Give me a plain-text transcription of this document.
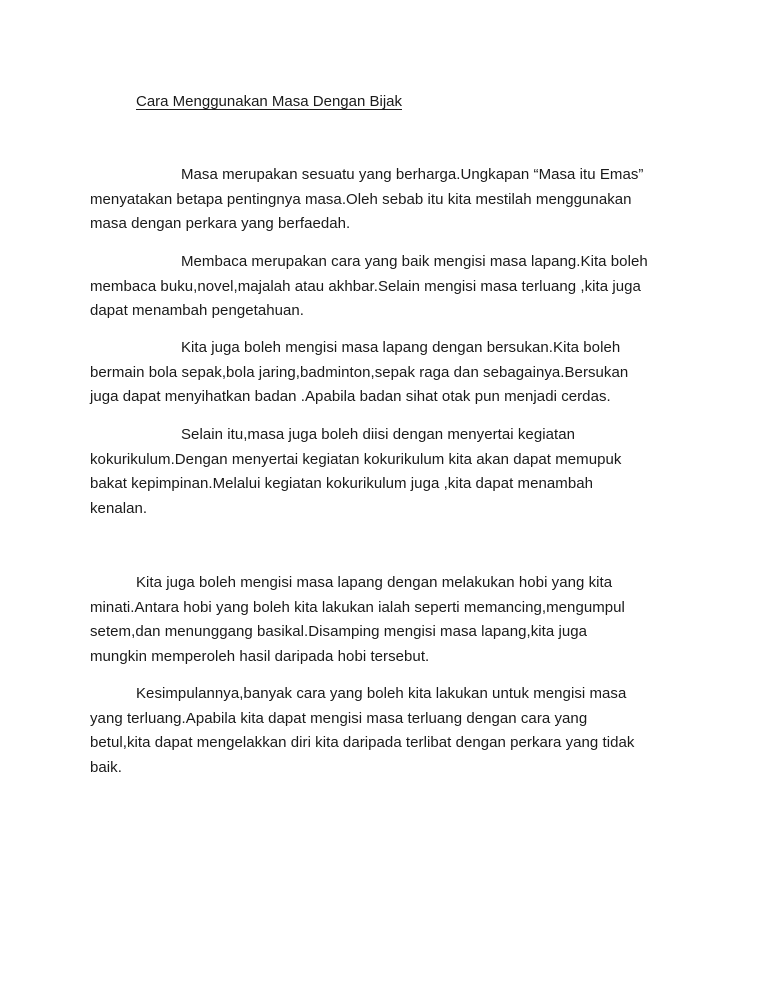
Cara Menggunakan Masa Dengan Bijak

Masa merupakan sesuatu yang berharga.Ungkapan “Masa itu Emas”
menyatakan betapa pentingnya masa.Oleh sebab itu kita mestilah menggunakan
masa dengan perkara yang berfaedah.

Membaca merupakan cara yang baik mengisi masa lapang.Kita boleh
membaca buku,novel,majalah atau akhbar.Selain mengisi masa terluang ,kita juga
dapat menambah pengetahuan.

Kita juga boleh mengisi masa lapang dengan bersukan.Kita boleh
bermain bola sepak,bola jaring,badminton,sepak raga dan sebagainya.Bersukan
juga dapat menyihatkan badan .Apabila badan sihat otak pun menjadi cerdas.

Selain itu,masa juga boleh diisi dengan menyertai kegiatan
kokurikulum.Dengan menyertai kegiatan kokurikulum kita akan dapat memupuk
bakat kepimpinan.Melalui kegiatan kokurikulum juga ,kita dapat menambah
kenalan.

Kita juga boleh mengisi masa lapang dengan melakukan hobi yang kita
minati.Antara hobi yang boleh kita lakukan ialah seperti memancing,mengumpul
setem,dan menunggang basikal.Disamping mengisi masa lapang,kita juga
mungkin memperoleh hasil daripada hobi tersebut.

Kesimpulannya,banyak cara yang boleh kita lakukan untuk mengisi masa
yang terluang.Apabila kita dapat mengisi masa terluang dengan cara yang
betul,kita dapat mengelakkan diri kita daripada terlibat dengan perkara yang tidak
baik.
